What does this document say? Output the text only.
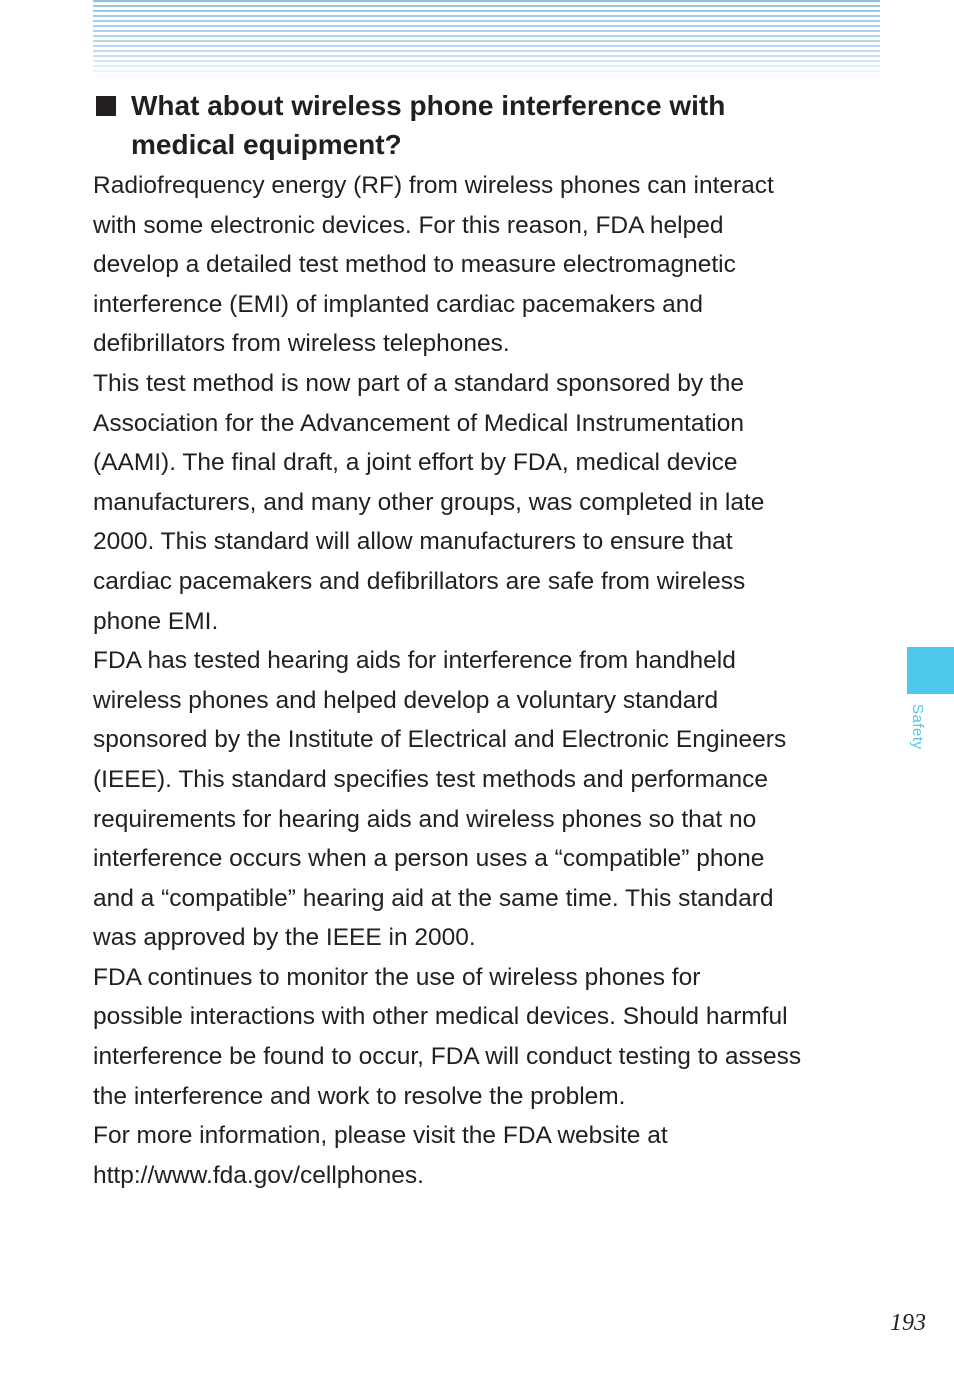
What about wireless phone interference with
medical equipment?

Radiofrequency energy (RF) from wireless phones can interact
with some electronic devices. For this reason, FDA helped
develop a detailed test method to measure electromagnetic
interference (EMI) of implanted cardiac pacemakers and
defibrillators from wireless telephones.

This test method is now part of a standard sponsored by the
Association for the Advancement of Medical Instrumentation
(AAMI). The final draft, a joint effort by FDA, medical device
manufacturers, and many other groups, was completed in late
2000. This standard will allow manufacturers to ensure that
cardiac pacemakers and defibrillators are safe from wireless
phone EMI.

FDA has tested hearing aids for interference from handheld
wireless phones and helped develop a voluntary standard
sponsored by the Institute of Electrical and Electronic Engineers
(IEEE). This standard specifies test methods and performance
requirements for hearing aids and wireless phones so that no
interference occurs when a person uses a “compatible” phone
and a “compatible” hearing aid at the same time. This standard
was approved by the IEEE in 2000.

FDA continues to monitor the use of wireless phones for
possible interactions with other medical devices. Should harmful
interference be found to occur, FDA will conduct testing to assess
the interference and work to resolve the problem.

For more information, please visit the FDA website at
http://www.fda.gov/cellphones.

Safety
193
